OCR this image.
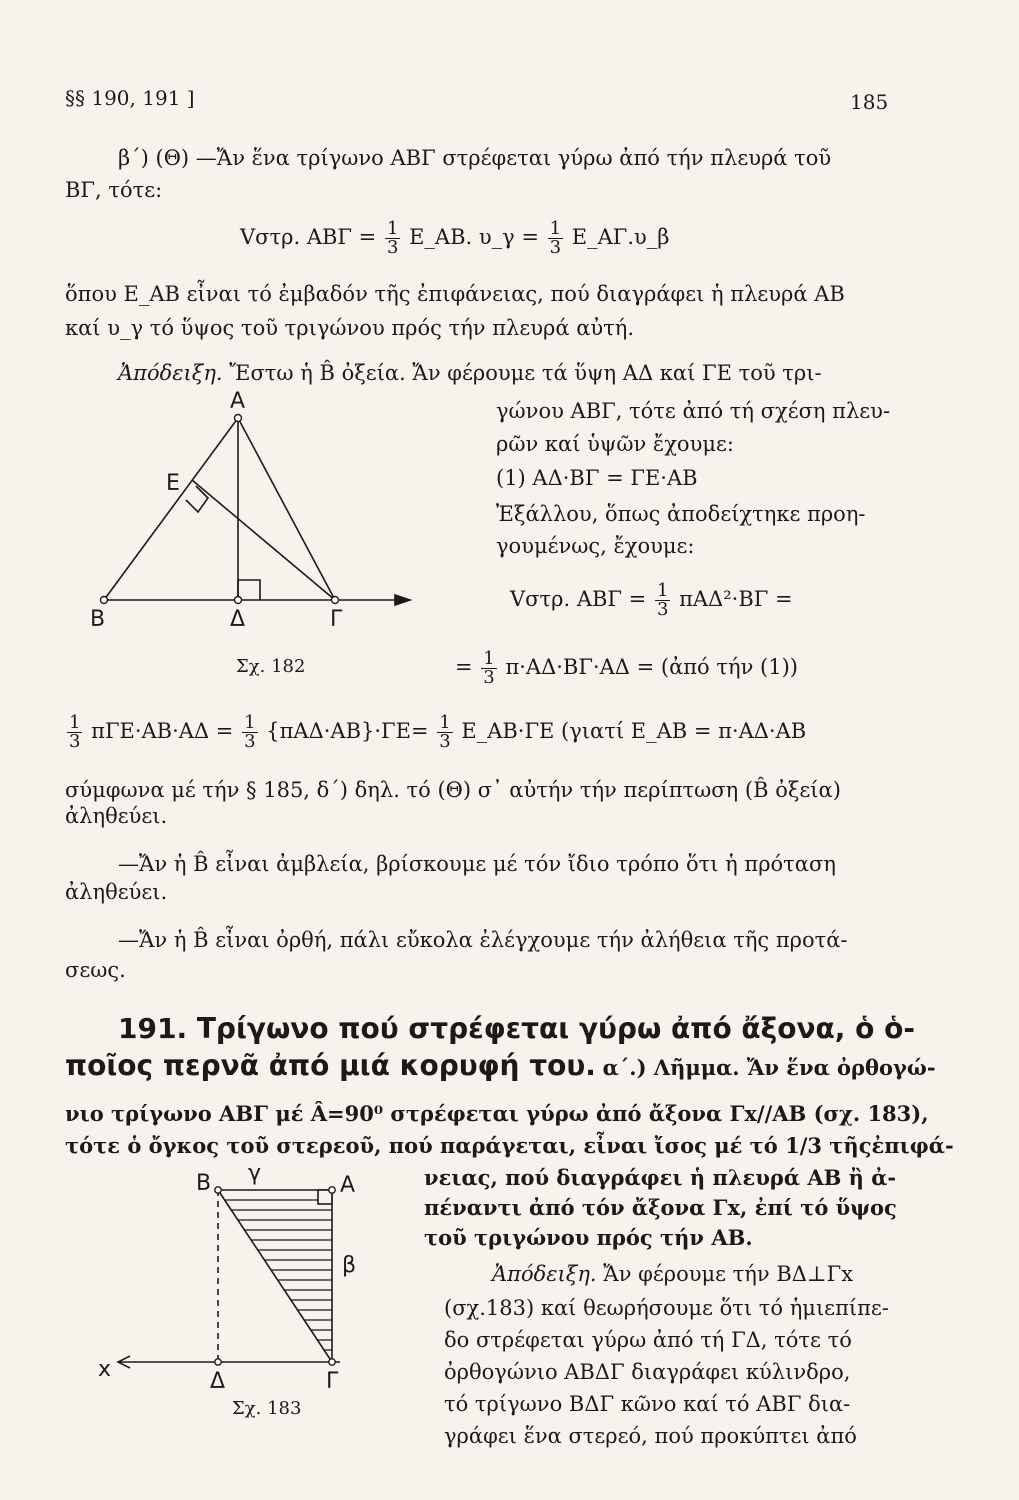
§§ 190, 191 ]	185
β΄) (Θ) —Ἄν ἕνα τρίγωνο ΑΒΓ στρέφεται γύρω ἀπό τήν πλευρά τοῦ
ΒΓ, τότε:
Vστρ. $AB\Gamma = \frac{1}{3}$ Ε_ΑΒ. υ_γ = $\frac{1}{3}$ Ε_ΑΓ.υ_β
ὅπου Ε_ΑΒ εἶναι τό ἐμβαδόν τῆς ἐπιφάνειας, πού διαγράφει ἡ πλευρά ΑΒ
καί υ_γ τό ὕψος τοῦ τριγώνου πρός τήν πλευρά αὐτή.
Ἀπόδειξη. Ἔστω ἡ B̂ ὀξεία. Ἄν φέρουμε τά ὕψη ΑΔ καί ΓΕ τοῦ τρι-
γώνου ΑΒΓ, τότε ἀπό τή σχέση πλευ-
ρῶν καί ὑψῶν ἔχουμε:
(1) ΑΔ·ΒΓ = ΓΕ·ΑΒ
Ἐξάλλου, ὅπως ἀποδείχτηκε προη-
γουμένως, ἔχουμε:
Vστρ. $AB\Gamma = \frac{1}{3} \pi A\Delta^2\cdot B\Gamma$ =
= $\frac{1}{3} \pi\cdot A\Delta\cdot B\Gamma\cdot A\Delta$ = (ἀπό τήν (1))
$\frac{1}{3} \pi\Gamma E\cdot AB\cdot A\Delta = \frac{1}{3} \{\pi A\Delta\cdot AB\}\cdot\Gamma E= \frac{1}{3}$ Ε_ΑΒ·ΓΕ (γιατί Ε_ΑΒ = π·ΑΔ·ΑΒ
σύμφωνα μέ τήν § 185, δ΄) δηλ. τό (Θ) σ᾽ αὐτήν τήν περίπτωση (B̂ ὀξεία)
ἀληθεύει.
—Ἄν ἡ B̂ εἶναι ἀμβλεία, βρίσκουμε μέ τόν ἴδιο τρόπο ὅτι ἡ πρόταση
ἀληθεύει.
—Ἄν ἡ B̂ εἶναι ὀρθή, πάλι εὔκολα ἐλέγχουμε τήν ἀλήθεια τῆς προτά-
σεως.
Α
Ε
Β	Δ	Γ
Σχ. 182
191. Τρίγωνο πού στρέφεται γύρω ἀπό ἄξονα, ὁ ὁ-
ποῖος περνᾶ ἀπό μιά κορυφή του. α΄.) Λῆμμα. Ἄν ἕνα ὀρθογώ-
νιο τρίγωνο ΑΒΓ μέ Â=90⁰ στρέφεται γύρω ἀπό ἄξονα Γx//ΑΒ (σχ. 183),
τότε ὁ ὄγκος τοῦ στερεοῦ, πού παράγεται, εἶναι ἴσος μέ τό 1/3 τῆςἐπιφά-
νειας, πού διαγράφει ἡ πλευρά ΑΒ ἢ ἀ-
πέναντι ἀπό τόν ἄξονα Γx, ἐπί τό ὕψος
τοῦ τριγώνου πρός τήν ΑΒ.
Ἀπόδειξη. Ἄν φέρουμε τήν ΒΔ⊥Γx
(σχ.183) καί θεωρήσουμε ὅτι τό ἡμιεπίπε-
δο στρέφεται γύρω ἀπό τή ΓΔ, τότε τό
ὀρθογώνιο ΑΒΔΓ διαγράφει κύλινδρο,
τό τρίγωνο ΒΔΓ κῶνο καί τό ΑΒΓ δια-
γράφει ἕνα στερεό, πού προκύπτει ἀπό
Β γ	Α
β
x	Δ	Γ
Σχ. 183
